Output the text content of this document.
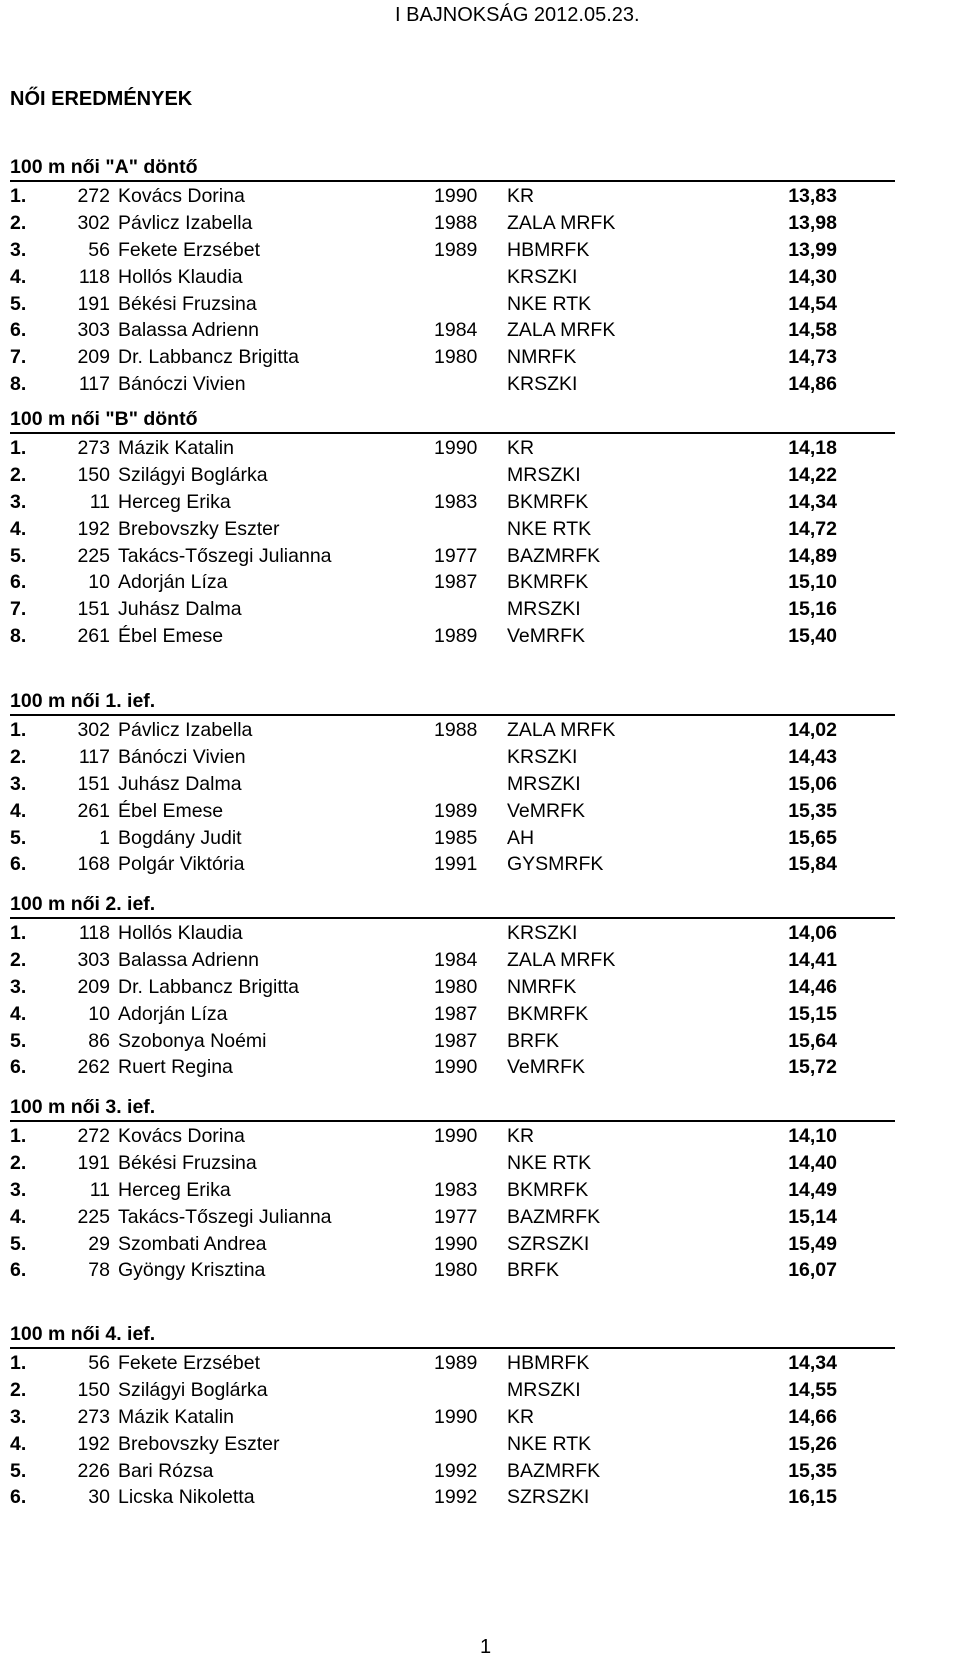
I BAJNOKSÁG 2012.05.23.
NŐI EREDMÉNYEK
100 m női "A" döntő
1.	272 Kovács Dorina	1990	KR	13,83
2.	302 Pávlicz Izabella	1988	ZALA MRFK	13,98
3.	56 Fekete Erzsébet	1989	HBMRFK	13,99
4.	118 Hollós Klaudia	KRSZKI	14,30
5.	191 Békési Fruzsina	NKE RTK	14,54
6.	303 Balassa Adrienn	1984	ZALA MRFK	14,58
7.	209 Dr. Labbancz Brigitta	1980	NMRFK	14,73
8.	117 Bánóczi Vivien	KRSZKI	14,86
100 m női "B" döntő
1.	273 Mázik Katalin	1990	KR	14,18
2.	150 Szilágyi Boglárka	MRSZKI	14,22
3.	11 Herceg Erika	1983	BKMRFK	14,34
4.	192 Brebovszky Eszter	NKE RTK	14,72
5.	225 Takács-Tőszegi Julianna	1977	BAZMRFK	14,89
6.	10 Adorján Líza	1987	BKMRFK	15,10
7.	151 Juhász Dalma	MRSZKI	15,16
8.	261 Ébel Emese	1989	VeMRFK	15,40
100 m női 1. ief.
1.	302 Pávlicz Izabella	1988	ZALA MRFK	14,02
2.	117 Bánóczi Vivien	KRSZKI	14,43
3.	151 Juhász Dalma	MRSZKI	15,06
4.	261 Ébel Emese	1989	VeMRFK	15,35
5.	1 Bogdány Judit	1985	AH	15,65
6.	168 Polgár Viktória	1991	GYSMRFK	15,84
100 m női 2. ief.
1.	118 Hollós Klaudia	KRSZKI	14,06
2.	303 Balassa Adrienn	1984	ZALA MRFK	14,41
3.	209 Dr. Labbancz Brigitta	1980	NMRFK	14,46
4.	10 Adorján Líza	1987	BKMRFK	15,15
5.	86 Szobonya Noémi	1987	BRFK	15,64
6.	262 Ruert Regina	1990	VeMRFK	15,72
100 m női 3. ief.
1.	272 Kovács Dorina	1990	KR	14,10
2.	191 Békési Fruzsina	NKE RTK	14,40
3.	11 Herceg Erika	1983	BKMRFK	14,49
4.	225 Takács-Tőszegi Julianna	1977	BAZMRFK	15,14
5.	29 Szombati Andrea	1990	SZRSZKI	15,49
6.	78 Gyöngy Krisztina	1980	BRFK	16,07
100 m női 4. ief.
1.	56 Fekete Erzsébet	1989	HBMRFK	14,34
2.	150 Szilágyi Boglárka	MRSZKI	14,55
3.	273 Mázik Katalin	1990	KR	14,66
4.	192 Brebovszky Eszter	NKE RTK	15,26
5.	226 Bari Rózsa	1992	BAZMRFK	15,35
6.	30 Licska Nikoletta	1992	SZRSZKI	16,15
1
